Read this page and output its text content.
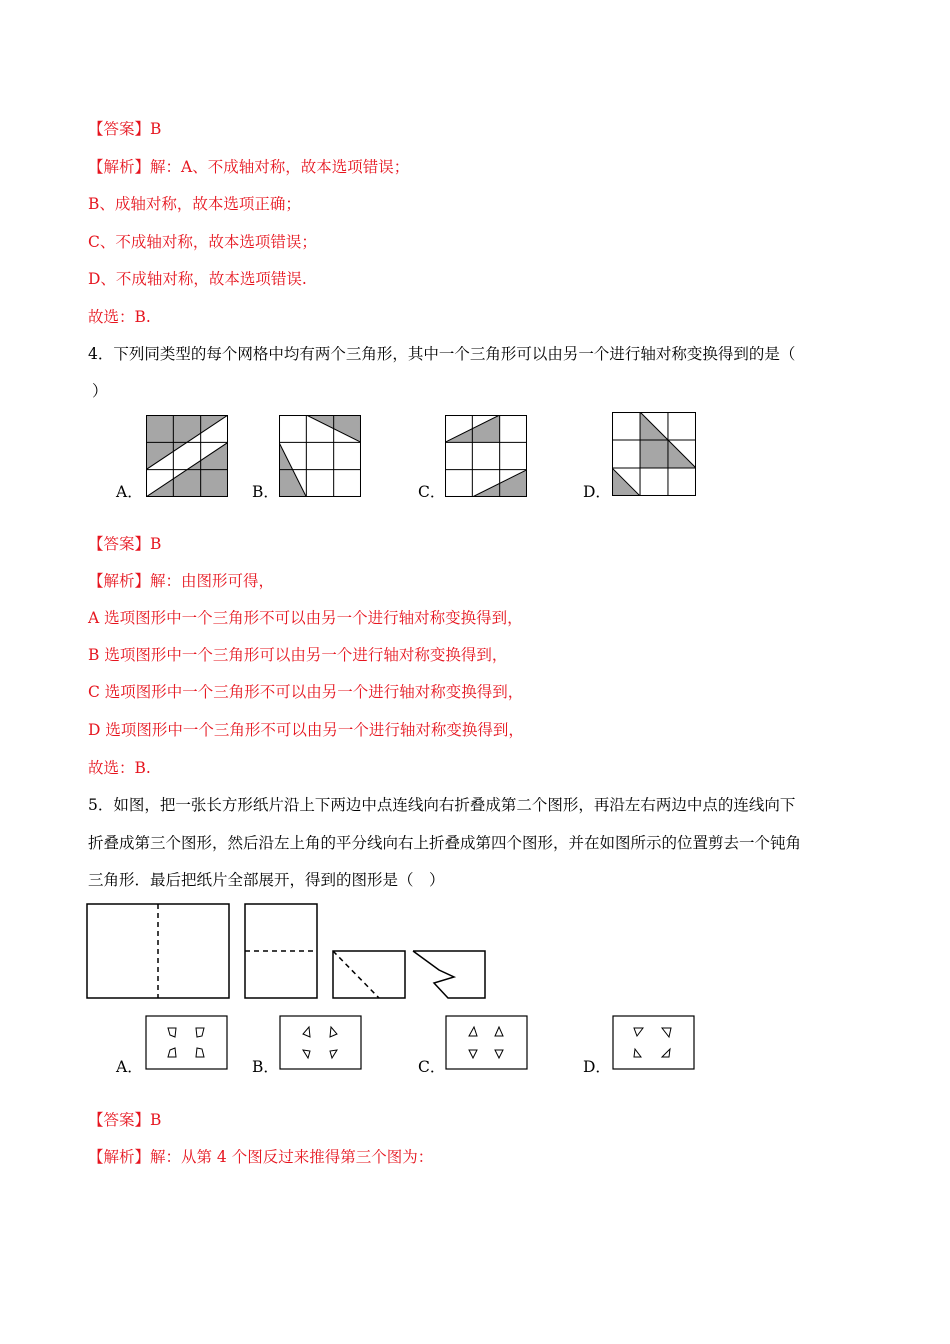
【答案】B
【解析】解：A、不成轴对称，故本选项错误；
B、成轴对称，故本选项正确；
C、不成轴对称，故本选项错误；
D、不成轴对称，故本选项错误.
故选：B.
4．下列同类型的每个网格中均有两个三角形，其中一个三角形可以由另一个进行轴对称变换得到的是（
）
A．	B．	C．	D．
【答案】B
【解析】解：由图形可得，
A 选项图形中一个三角形不可以由另一个进行轴对称变换得到，
B 选项图形中一个三角形可以由另一个进行轴对称变换得到，
C 选项图形中一个三角形不可以由另一个进行轴对称变换得到，
D 选项图形中一个三角形不可以由另一个进行轴对称变换得到，
故选：B.
5．如图，把一张长方形纸片沿上下两边中点连线向右折叠成第二个图形，再沿左右两边中点的连线向下
折叠成第三个图形，然后沿左上角的平分线向右上折叠成第四个图形，并在如图所示的位置剪去一个钝角
三角形．最后把纸片全部展开，得到的图形是（　）
A．	B．	C．	D．
【答案】B
【解析】解：从第 4 个图反过来推得第三个图为：
